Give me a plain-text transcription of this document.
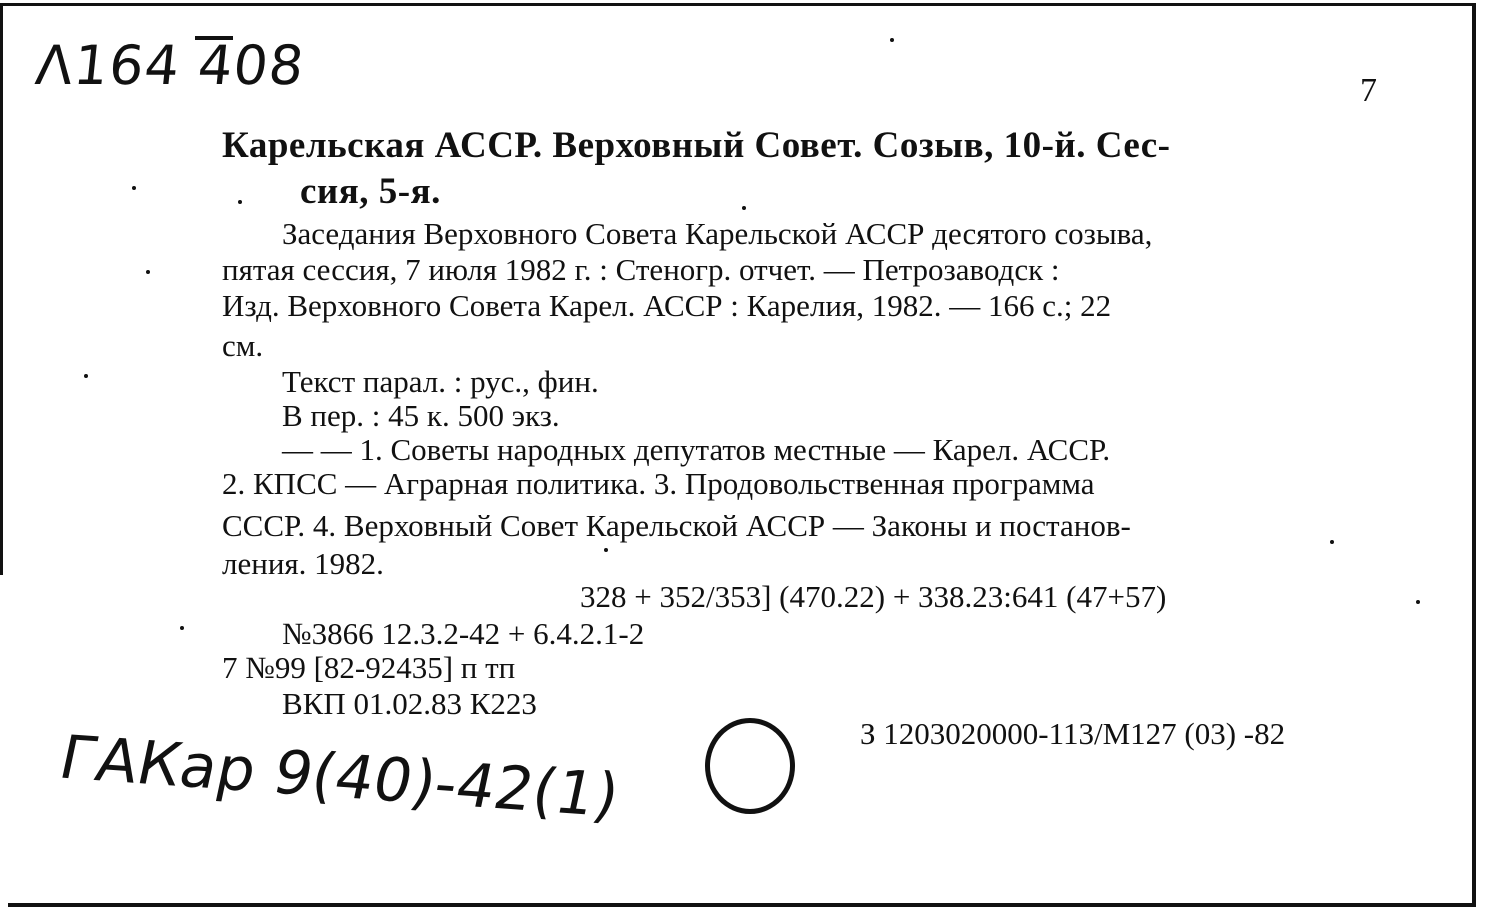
Λ164 408	7
Карельская АССР. Верховный Совет. Созыв, 10-й. Сес-
сия, 5-я.
Заседания Верховного Совета Карельской АССР десятого созыва,
пятая сессия, 7 июля 1982 г. : Стеногр. отчет. — Петрозаводск :
Изд. Верховного Совета Карел. АССР : Карелия, 1982. — 166 с.; 22
см.
Текст парал. : рус., фин.
В пер. : 45 к. 500 экз.
— — 1. Советы народных депутатов местные — Карел. АССР.
2. КПСС — Аграрная политика. 3. Продовольственная программа
СССР. 4. Верховный Совет Карельской АССР — Законы и постанов-
ления. 1982.
328 + 352/353] (470.22) + 338.23:641 (47+57)
№3866 12.3.2-42 + 6.4.2.1-2
7 №99 [82-92435] п тп
ВКП 01.02.83 К223
З 1203020000-113/М127 (03) -82
ГАКар 9(40)-42(1)
